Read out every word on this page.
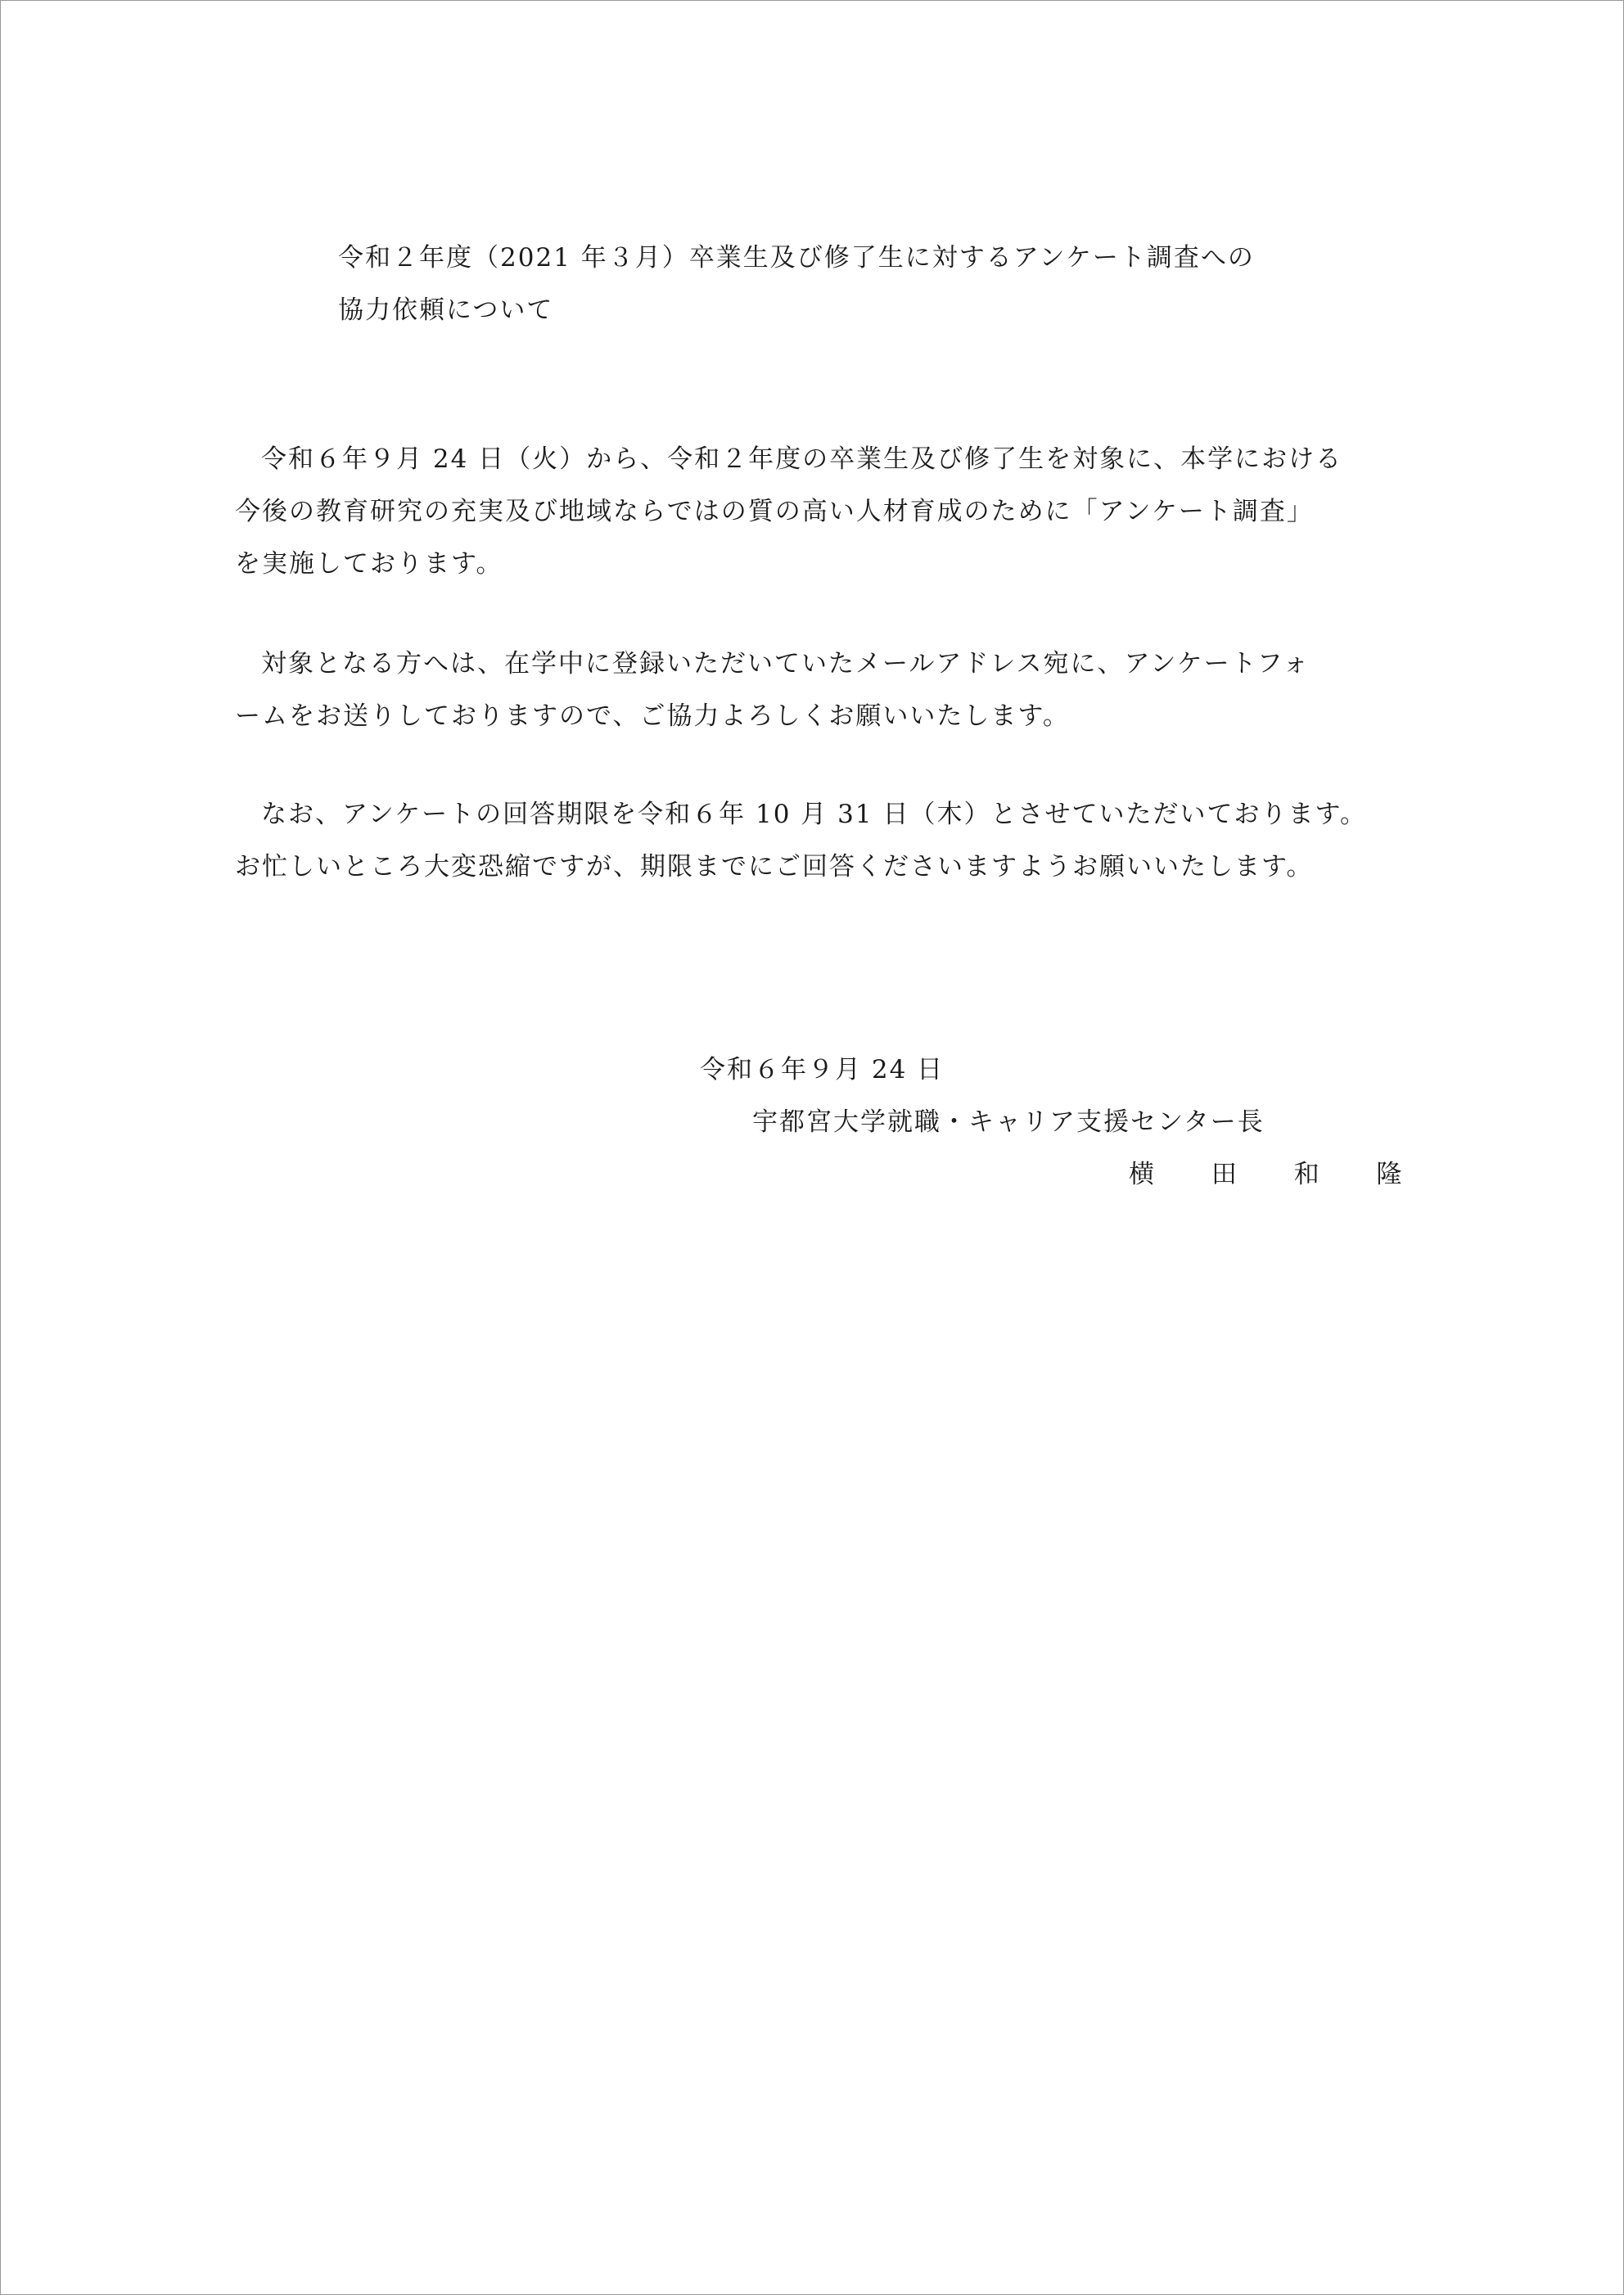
令和２年度（2021 年３月）卒業生及び修了生に対するアンケート調査への
協力依頼について
令和６年９月 24 日（火）から、令和２年度の卒業生及び修了生を対象に、本学における
今後の教育研究の充実及び地域ならではの質の高い人材育成のために「アンケート調査」
を実施しております。
対象となる方へは、在学中に登録いただいていたメールアドレス宛に、アンケートフォ
ームをお送りしておりますので、ご協力よろしくお願いいたします。
なお、アンケートの回答期限を令和６年 10 月 31 日（木）とさせていただいております。
お忙しいところ大変恐縮ですが、期限までにご回答くださいますようお願いいたします。
令和６年９月 24 日
宇都宮大学就職・キャリア支援センター長
横 田 和 隆
